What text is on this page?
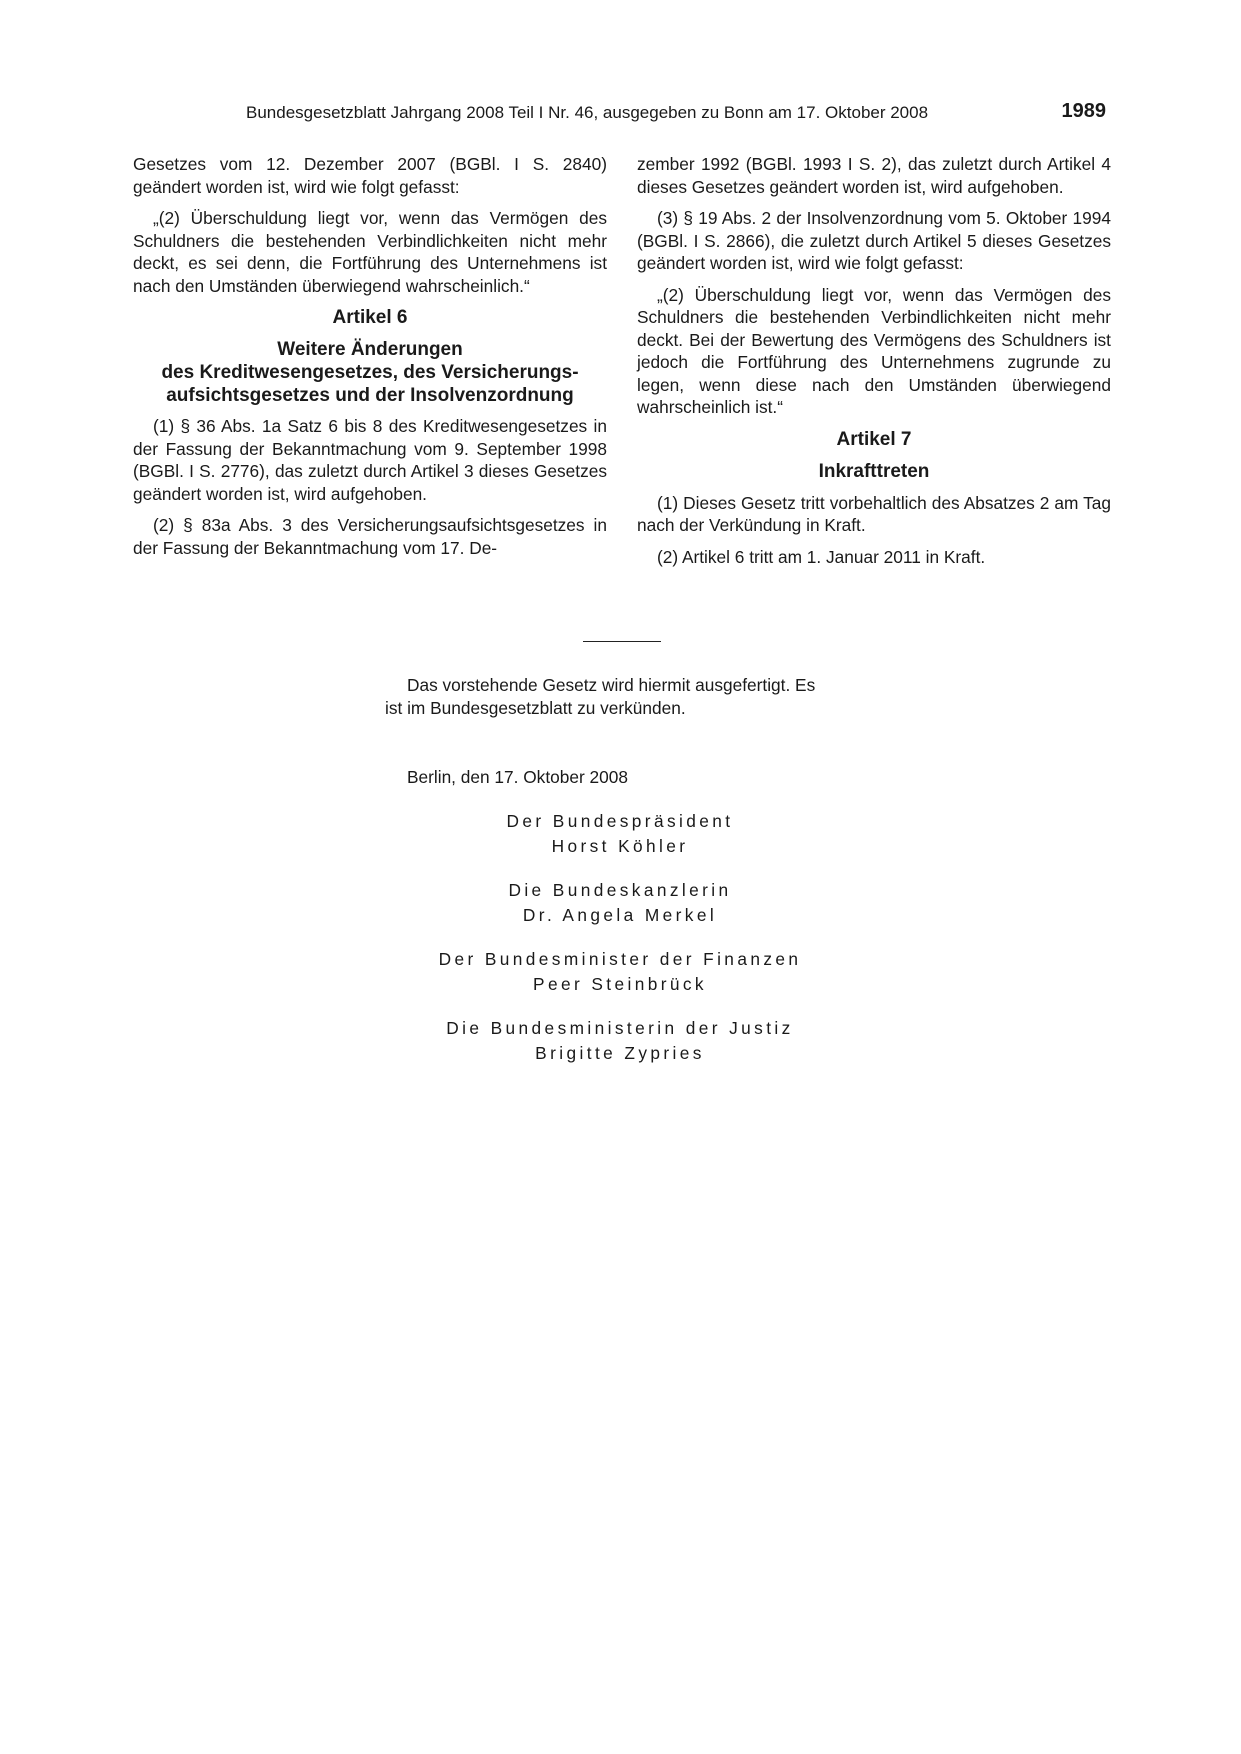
Bundesgesetzblatt Jahrgang 2008 Teil I Nr. 46, ausgegeben zu Bonn am 17. Oktober 2008	1989

Gesetzes vom 12. Dezember 2007 (BGBl. I S. 2840) geändert worden ist, wird wie folgt gefasst:

„(2) Überschuldung liegt vor, wenn das Vermögen des Schuldners die bestehenden Verbindlichkeiten nicht mehr deckt, es sei denn, die Fortführung des Unternehmens ist nach den Umständen überwiegend wahrscheinlich.“

Artikel 6

Weitere Änderungen
des Kreditwesengesetzes, des Versicherungs-
aufsichtsgesetzes und der Insolvenzordnung

(1) § 36 Abs. 1a Satz 6 bis 8 des Kreditwesengesetzes in der Fassung der Bekanntmachung vom 9. September 1998 (BGBl. I S. 2776), das zuletzt durch Artikel 3 dieses Gesetzes geändert worden ist, wird aufgehoben.

(2) § 83a Abs. 3 des Versicherungsaufsichtsgesetzes in der Fassung der Bekanntmachung vom 17. De-

zember 1992 (BGBl. 1993 I S. 2), das zuletzt durch Artikel 4 dieses Gesetzes geändert worden ist, wird aufgehoben.

(3) § 19 Abs. 2 der Insolvenzordnung vom 5. Oktober 1994 (BGBl. I S. 2866), die zuletzt durch Artikel 5 dieses Gesetzes geändert worden ist, wird wie folgt gefasst:

„(2) Überschuldung liegt vor, wenn das Vermögen des Schuldners die bestehenden Verbindlichkeiten nicht mehr deckt. Bei der Bewertung des Vermögens des Schuldners ist jedoch die Fortführung des Unternehmens zugrunde zu legen, wenn diese nach den Umständen überwiegend wahrscheinlich ist.“

Artikel 7

Inkrafttreten

(1) Dieses Gesetz tritt vorbehaltlich des Absatzes 2 am Tag nach der Verkündung in Kraft.

(2) Artikel 6 tritt am 1. Januar 2011 in Kraft.

Das vorstehende Gesetz wird hiermit ausgefertigt. Es

ist im Bundesgesetzblatt zu verkünden.

Berlin, den 17. Oktober 2008
Der Bundespräsident
Horst Köhler
Die Bundeskanzlerin
Dr. Angela Merkel
Der Bundesminister der Finanzen
Peer Steinbrück
Die Bundesministerin der Justiz
Brigitte Zypries
